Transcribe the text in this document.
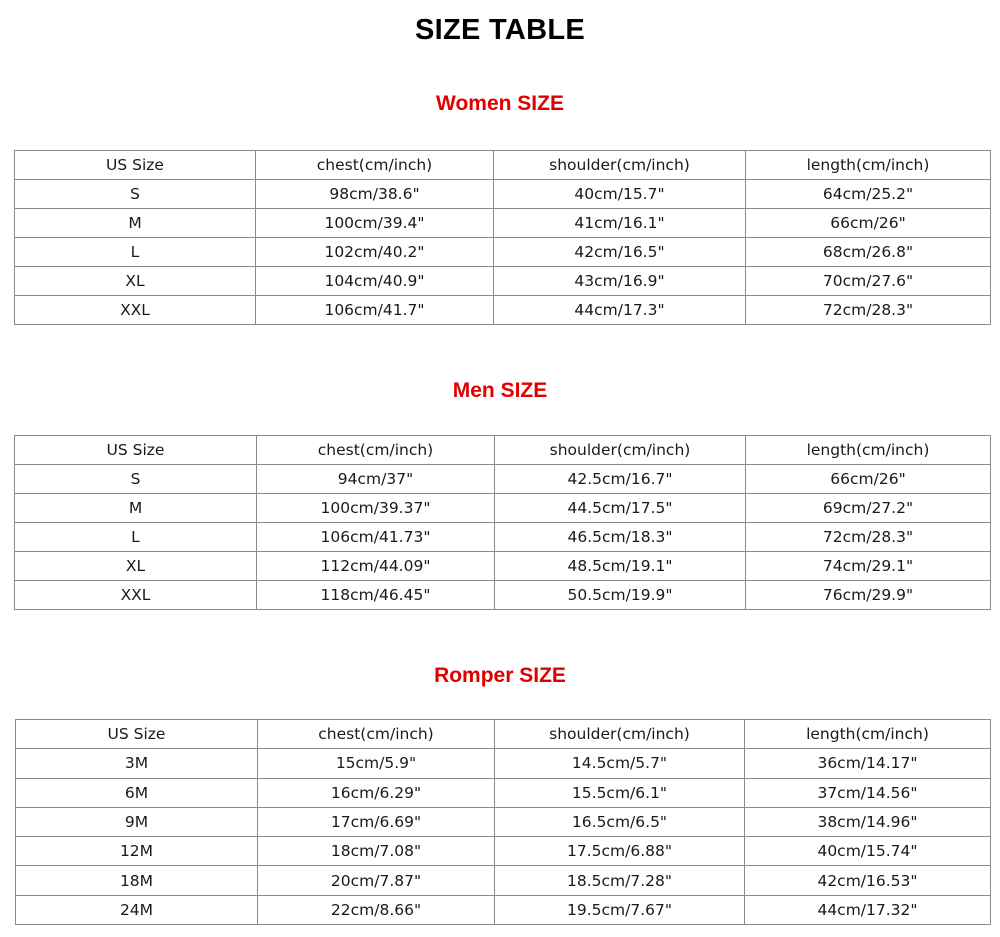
SIZE TABLE
Women SIZE
US Size	chest(cm/inch)	shoulder(cm/inch)	length(cm/inch)
S	98cm/38.6"	40cm/15.7"	64cm/25.2"
M	100cm/39.4"	41cm/16.1"	66cm/26"
L	102cm/40.2"	42cm/16.5"	68cm/26.8"
XL	104cm/40.9"	43cm/16.9"	70cm/27.6"
XXL	106cm/41.7"	44cm/17.3"	72cm/28.3"
Men SIZE
US Size	chest(cm/inch)	shoulder(cm/inch)	length(cm/inch)
S	94cm/37"	42.5cm/16.7"	66cm/26"
M	100cm/39.37"	44.5cm/17.5"	69cm/27.2"
L	106cm/41.73"	46.5cm/18.3"	72cm/28.3"
XL	112cm/44.09"	48.5cm/19.1"	74cm/29.1"
XXL	118cm/46.45"	50.5cm/19.9"	76cm/29.9"
Romper SIZE
US Size	chest(cm/inch)	shoulder(cm/inch)	length(cm/inch)
3M	15cm/5.9"	14.5cm/5.7"	36cm/14.17"
6M	16cm/6.29"	15.5cm/6.1"	37cm/14.56"
9M	17cm/6.69"	16.5cm/6.5"	38cm/14.96"
12M	18cm/7.08"	17.5cm/6.88"	40cm/15.74"
18M	20cm/7.87"	18.5cm/7.28"	42cm/16.53"
24M	22cm/8.66"	19.5cm/7.67"	44cm/17.32"
